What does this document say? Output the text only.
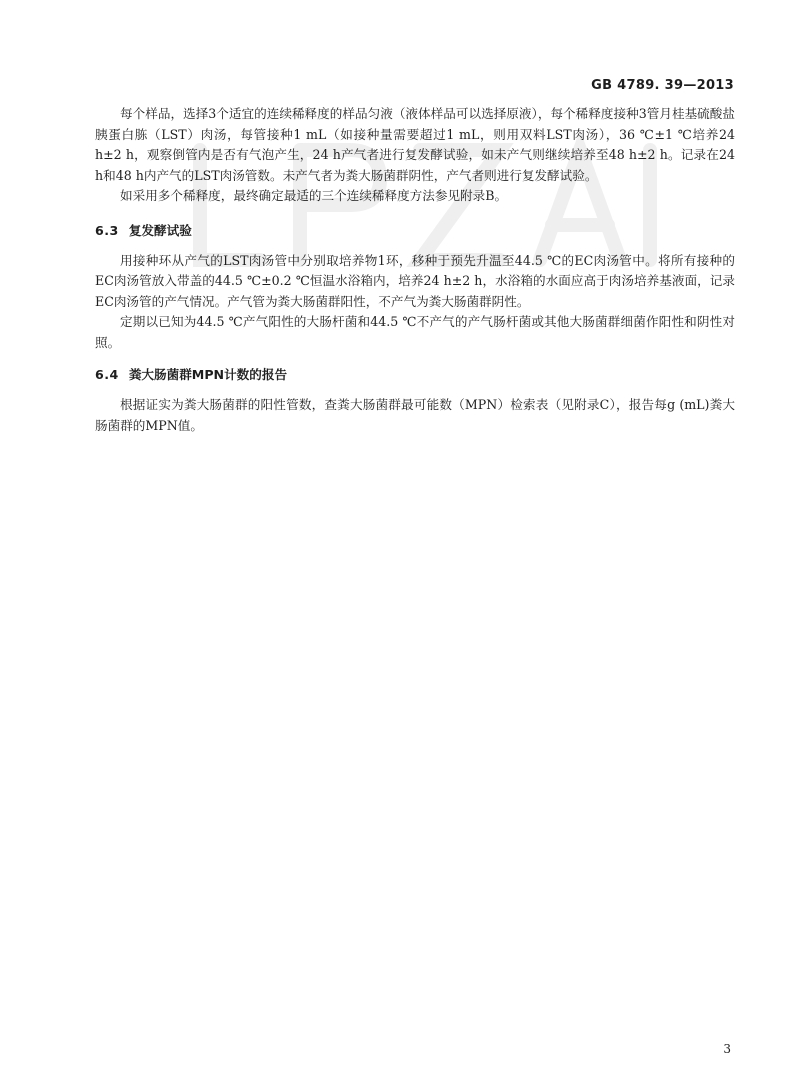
GB 4789. 39—2013

每个样品，选择3个适宜的连续稀释度的样品匀液（液体样品可以选择原液），每个稀释度接种3管月桂基硫酸盐胰蛋白胨（LST）肉汤，每管接种1 mL（如接种量需要超过1 mL，则用双料LST肉汤），36 ℃±1 ℃培养24 h±2 h，观察倒管内是否有气泡产生，24 h产气者进行复发酵试验，如未产气则继续培养至48 h±2 h。记录在24 h和48 h内产气的LST肉汤管数。未产气者为粪大肠菌群阴性，产气者则进行复发酵试验。

如采用多个稀释度，最终确定最适的三个连续稀释度方法参见附录B。

6.3 复发酵试验

用接种环从产气的LST肉汤管中分别取培养物1环，移种于预先升温至44.5 ℃的EC肉汤管中。将所有接种的EC肉汤管放入带盖的44.5 ℃±0.2 ℃恒温水浴箱内，培养24 h±2 h，水浴箱的水面应高于肉汤培养基液面，记录EC肉汤管的产气情况。产气管为粪大肠菌群阳性，不产气为粪大肠菌群阴性。

定期以已知为44.5 ℃产气阳性的大肠杆菌和44.5 ℃不产气的产气肠杆菌或其他大肠菌群细菌作阳性和阴性对照。

6.4 粪大肠菌群MPN计数的报告

根据证实为粪大肠菌群的阳性管数，查粪大肠菌群最可能数（MPN）检索表（见附录C），报告每g (mL)粪大肠菌群的MPN值。

3
